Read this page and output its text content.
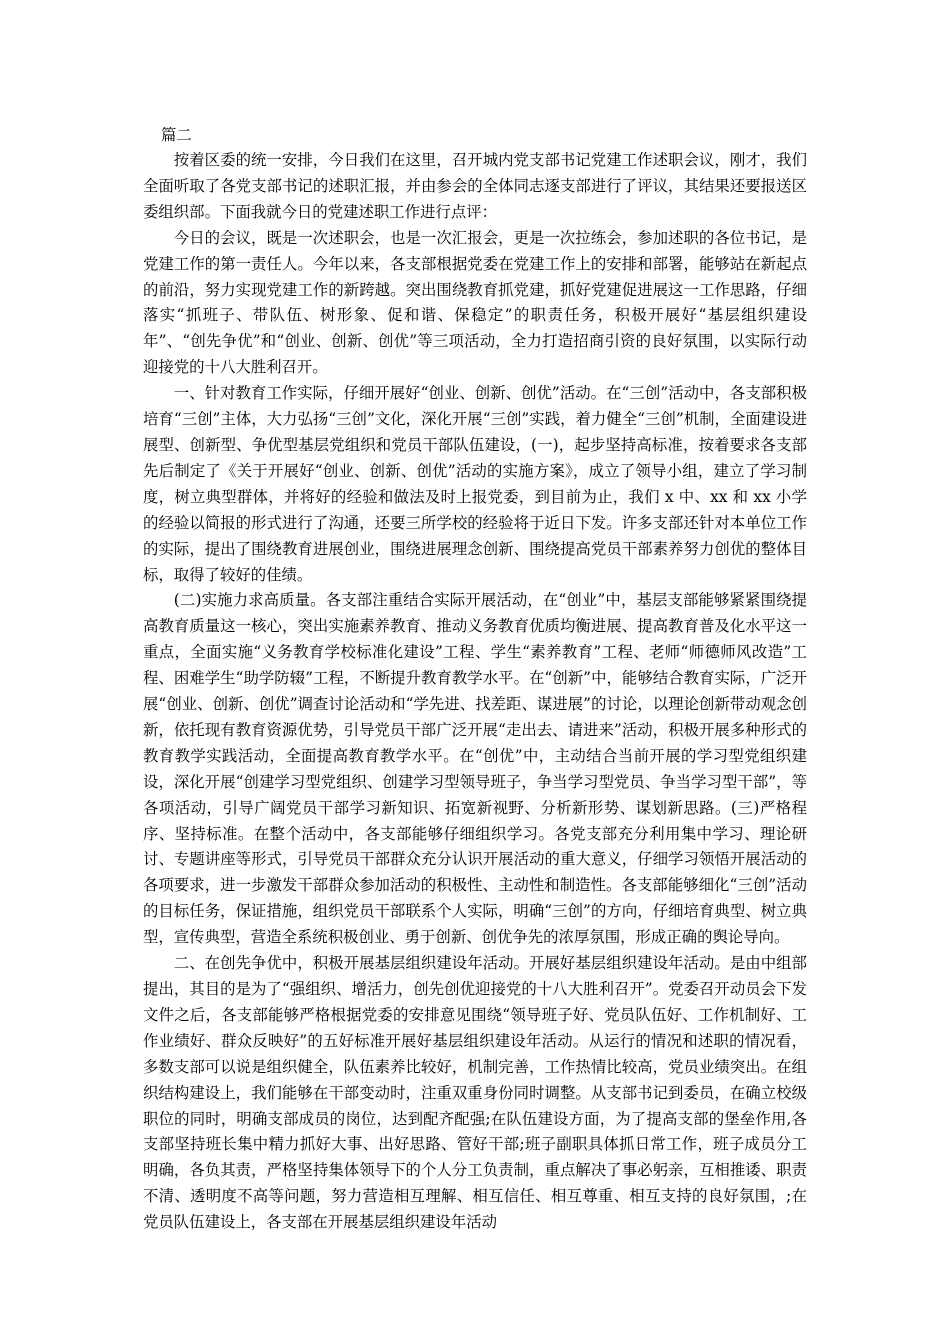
篇二

按着区委的统一安排，今日我们在这里，召开城内党支部书记党建工作述职会议，刚才，我们全面听取了各党支部书记的述职汇报，并由参会的全体同志逐支部进行了评议，其结果还要报送区委组织部。下面我就今日的党建述职工作进行点评：

今日的会议，既是一次述职会，也是一次汇报会，更是一次拉练会，参加述职的各位书记，是党建工作的第一责任人。今年以来，各支部根据党委在党建工作上的安排和部署，能够站在新起点的前沿，努力实现党建工作的新跨越。突出围绕教育抓党建，抓好党建促进展这一工作思路，仔细落实“抓班子、带队伍、树形象、促和谐、保稳定”的职责任务，积极开展好“基层组织建设年”、“创先争优”和“创业、创新、创优”等三项活动，全力打造招商引资的良好氛围，以实际行动迎接党的十八大胜利召开。

一、针对教育工作实际，仔细开展好“创业、创新、创优”活动。在“三创”活动中，各支部积极培育“三创”主体，大力弘扬“三创”文化，深化开展“三创”实践，着力健全“三创”机制，全面建设进展型、创新型、争优型基层党组织和党员干部队伍建设，(一)，起步坚持高标准，按着要求各支部先后制定了《关于开展好“创业、创新、创优”活动的实施方案》，成立了领导小组，建立了学习制度，树立典型群体，并将好的经验和做法及时上报党委，到目前为止，我们 x 中、xx 和 xx 小学的经验以简报的形式进行了沟通，还要三所学校的经验将于近日下发。许多支部还针对本单位工作的实际，提出了围绕教育进展创业，围绕进展理念创新、围绕提高党员干部素养努力创优的整体目标，取得了较好的佳绩。

(二)实施力求高质量。各支部注重结合实际开展活动，在“创业”中，基层支部能够紧紧围绕提高教育质量这一核心，突出实施素养教育、推动义务教育优质均衡进展、提高教育普及化水平这一重点，全面实施“义务教育学校标准化建设”工程、学生“素养教育”工程、老师“师德师风改造”工程、困难学生“助学防辍”工程，不断提升教育教学水平。在“创新”中，能够结合教育实际，广泛开展“创业、创新、创优”调查讨论活动和“学先进、找差距、谋进展”的讨论，以理论创新带动观念创新，依托现有教育资源优势，引导党员干部广泛开展“走出去、请进来”活动，积极开展多种形式的教育教学实践活动，全面提高教育教学水平。在“创优”中，主动结合当前开展的学习型党组织建设，深化开展“创建学习型党组织、创建学习型领导班子，争当学习型党员、争当学习型干部”，等各项活动，引导广阔党员干部学习新知识、拓宽新视野、分析新形势、谋划新思路。(三)严格程序、坚持标准。在整个活动中，各支部能够仔细组织学习。各党支部充分利用集中学习、理论研讨、专题讲座等形式，引导党员干部群众充分认识开展活动的重大意义，仔细学习领悟开展活动的各项要求，进一步激发干部群众参加活动的积极性、主动性和制造性。各支部能够细化“三创”活动的目标任务，保证措施，组织党员干部联系个人实际，明确“三创”的方向，仔细培育典型、树立典型，宣传典型，营造全系统积极创业、勇于创新、创优争先的浓厚氛围，形成正确的舆论导向。

二、在创先争优中，积极开展基层组织建设年活动。开展好基层组织建设年活动。是由中组部提出，其目的是为了“强组织、增活力，创先创优迎接党的十八大胜利召开”。党委召开动员会下发文件之后，各支部能够严格根据党委的安排意见围绕“领导班子好、党员队伍好、工作机制好、工作业绩好、群众反映好”的五好标准开展好基层组织建设年活动。从运行的情况和述职的情况看，多数支部可以说是组织健全，队伍素养比较好，机制完善，工作热情比较高，党员业绩突出。在组织结构建设上，我们能够在干部变动时，注重双重身份同时调整。从支部书记到委员，在确立校级职位的同时，明确支部成员的岗位，达到配齐配强;在队伍建设方面，为了提高支部的堡垒作用,各支部坚持班长集中精力抓好大事、出好思路、管好干部;班子副职具体抓日常工作，班子成员分工明确，各负其责，严格坚持集体领导下的个人分工负责制，重点解决了事必躬亲，互相推诿、职责不清、透明度不高等问题，努力营造相互理解、相互信任、相互尊重、相互支持的良好氛围，;在党员队伍建设上，各支部在开展基层组织建设年活动
